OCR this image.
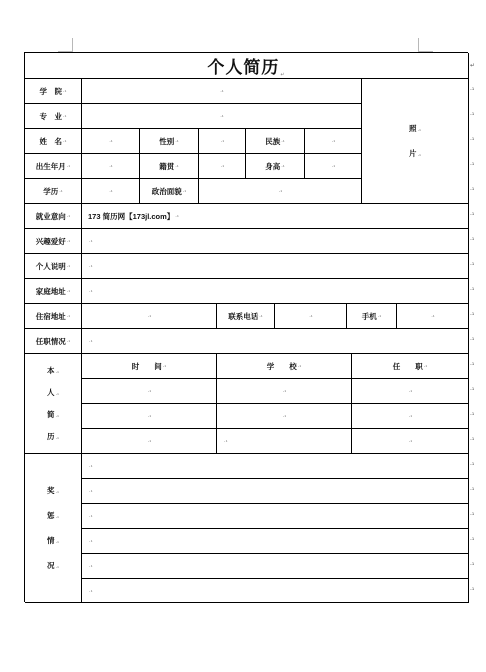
个人简历 ↵
学　院 .₁	.₁
照.₁
片.₁
专　业 .₁	.₁
姓　名 .₁	.₁	性别 .₁	.₁	民族 .₁	.₁
出生年月 .₁	.₁	籍贯 .₁	.₁	身高 .₁	.₁
学历 .₁	.₁	政治面貌 .₁	.₁
就业意向 .₁ 173 简历网【173jl.com】 .₁
兴趣爱好 .₁	.₁
个人说明 .₁	.₁
家庭地址 .₁	.₁
住宿地址 .₁	.₁	联系电话 .₁	.₁	手机 .₁	.₁
任职情况 .₁	.₁
本.₁
人.₁
简.₁
历.₁
时　　间 .₁	学　　校 .₁	任　　职 .₁
.₁	.₁	.₁
.₁	.₁	.₁
.₁	.₁	.₁
奖.₁
惩.₁
情.₁
况.₁
.₁
.₁
.₁
.₁
.₁
.₁
↵
.₁
.₁
.₁
.₁
.₁
.₁
.₁
.₁
.₁
.₁
.₁
.₁
.₁
.₁
.₁
.₁
.₁
.₁
.₁
.₁
.₁
